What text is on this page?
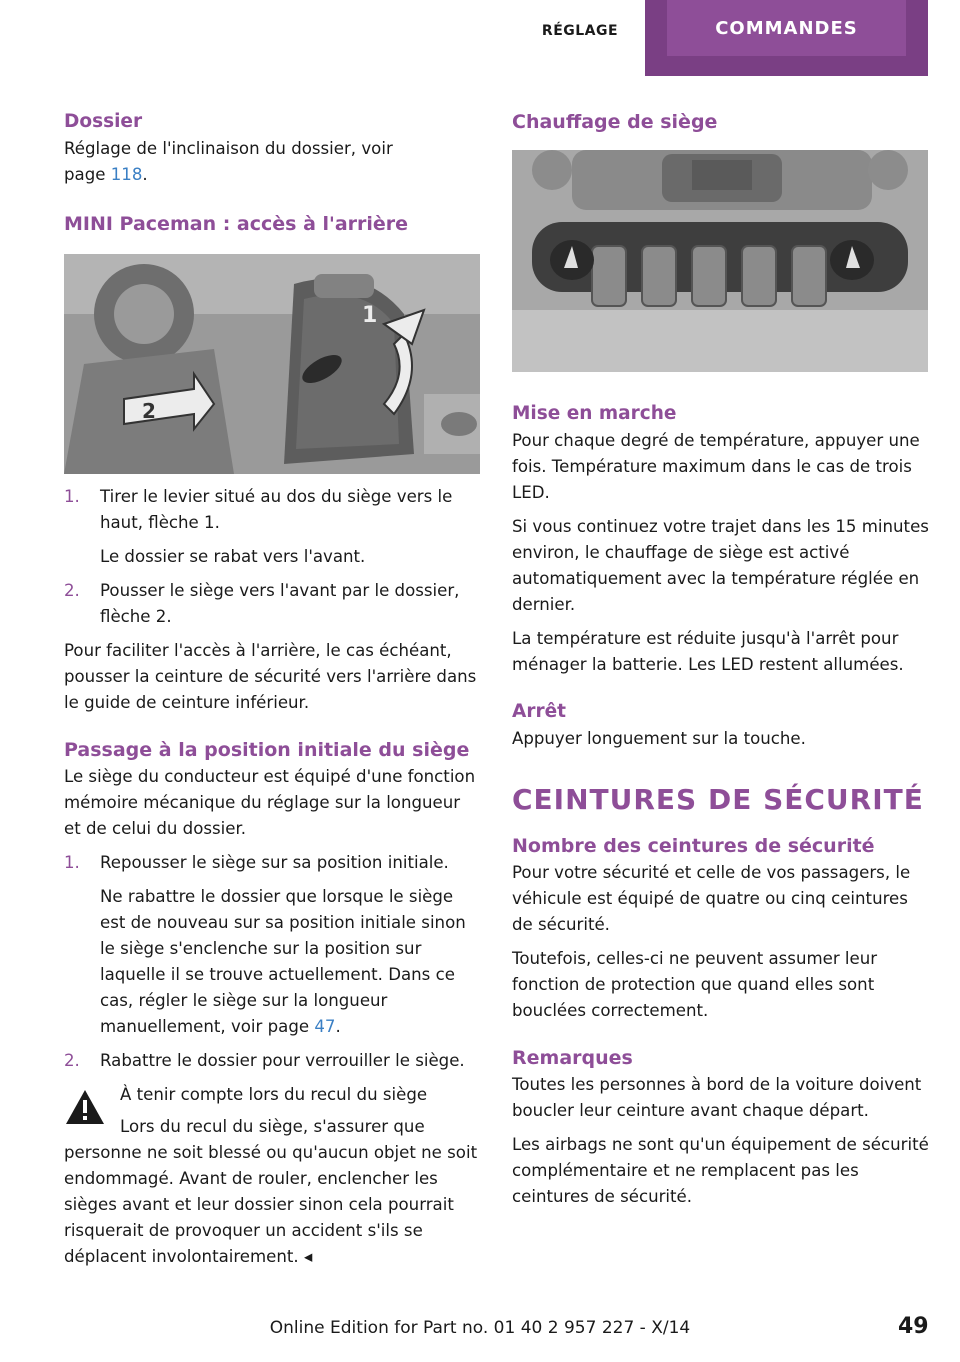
RÉGLAGE	COMMANDES
Dossier

Réglage de l'inclinaison du dossier, voir
page 118.

MINI Paceman : accès à l'arrière
1
2
1. Tirer le levier situé au dos du siège vers le haut, flèche 1.

Le dossier se rabat vers l'avant.

2. Pousser le siège vers l'avant par le dossier, flèche 2.

Pour faciliter l'accès à l'arrière, le cas échéant, pousser la ceinture de sécurité vers l'arrière dans le guide de ceinture inférieur.

Passage à la position initiale du siège

Le siège du conducteur est équipé d'une fonction mémoire mécanique du réglage sur la longueur et de celui du dossier.

1. Repousser le siège sur sa position initiale.

Ne rabattre le dossier que lorsque le siège est de nouveau sur sa position initiale sinon le siège s'enclenche sur la position sur laquelle il se trouve actuellement. Dans ce cas, régler le siège sur la longueur manuellement, voir page 47.

2. Rabattre le dossier pour verrouiller le siège.

À tenir compte lors du recul du siège

Lors du recul du siège, s'assurer que personne ne soit blessé ou qu'aucun objet ne soit endommagé. Avant de rouler, enclencher les sièges avant et leur dossier sinon cela pourrait risquerait de provoquer un accident s'ils se déplacent involontairement. ◂

Chauffage de siège
Mise en marche

Pour chaque degré de température, appuyer une fois. Température maximum dans le cas de trois LED.

Si vous continuez votre trajet dans les 15 minutes environ, le chauffage de siège est activé automatiquement avec la température réglée en dernier.

La température est réduite jusqu'à l'arrêt pour ménager la batterie. Les LED restent allumées.

Arrêt

Appuyer longuement sur la touche.

CEINTURES DE SÉCURITÉ
Nombre des ceintures de sécurité

Pour votre sécurité et celle de vos passagers, le véhicule est équipé de quatre ou cinq ceintures de sécurité.

Toutefois, celles-ci ne peuvent assumer leur fonction de protection que quand elles sont bouclées correctement.

Remarques

Toutes les personnes à bord de la voiture doivent boucler leur ceinture avant chaque départ.

Les airbags ne sont qu'un équipement de sécurité complémentaire et ne remplacent pas les ceintures de sécurité.

Online Edition for Part no. 01 40 2 957 227 - X/14	49
